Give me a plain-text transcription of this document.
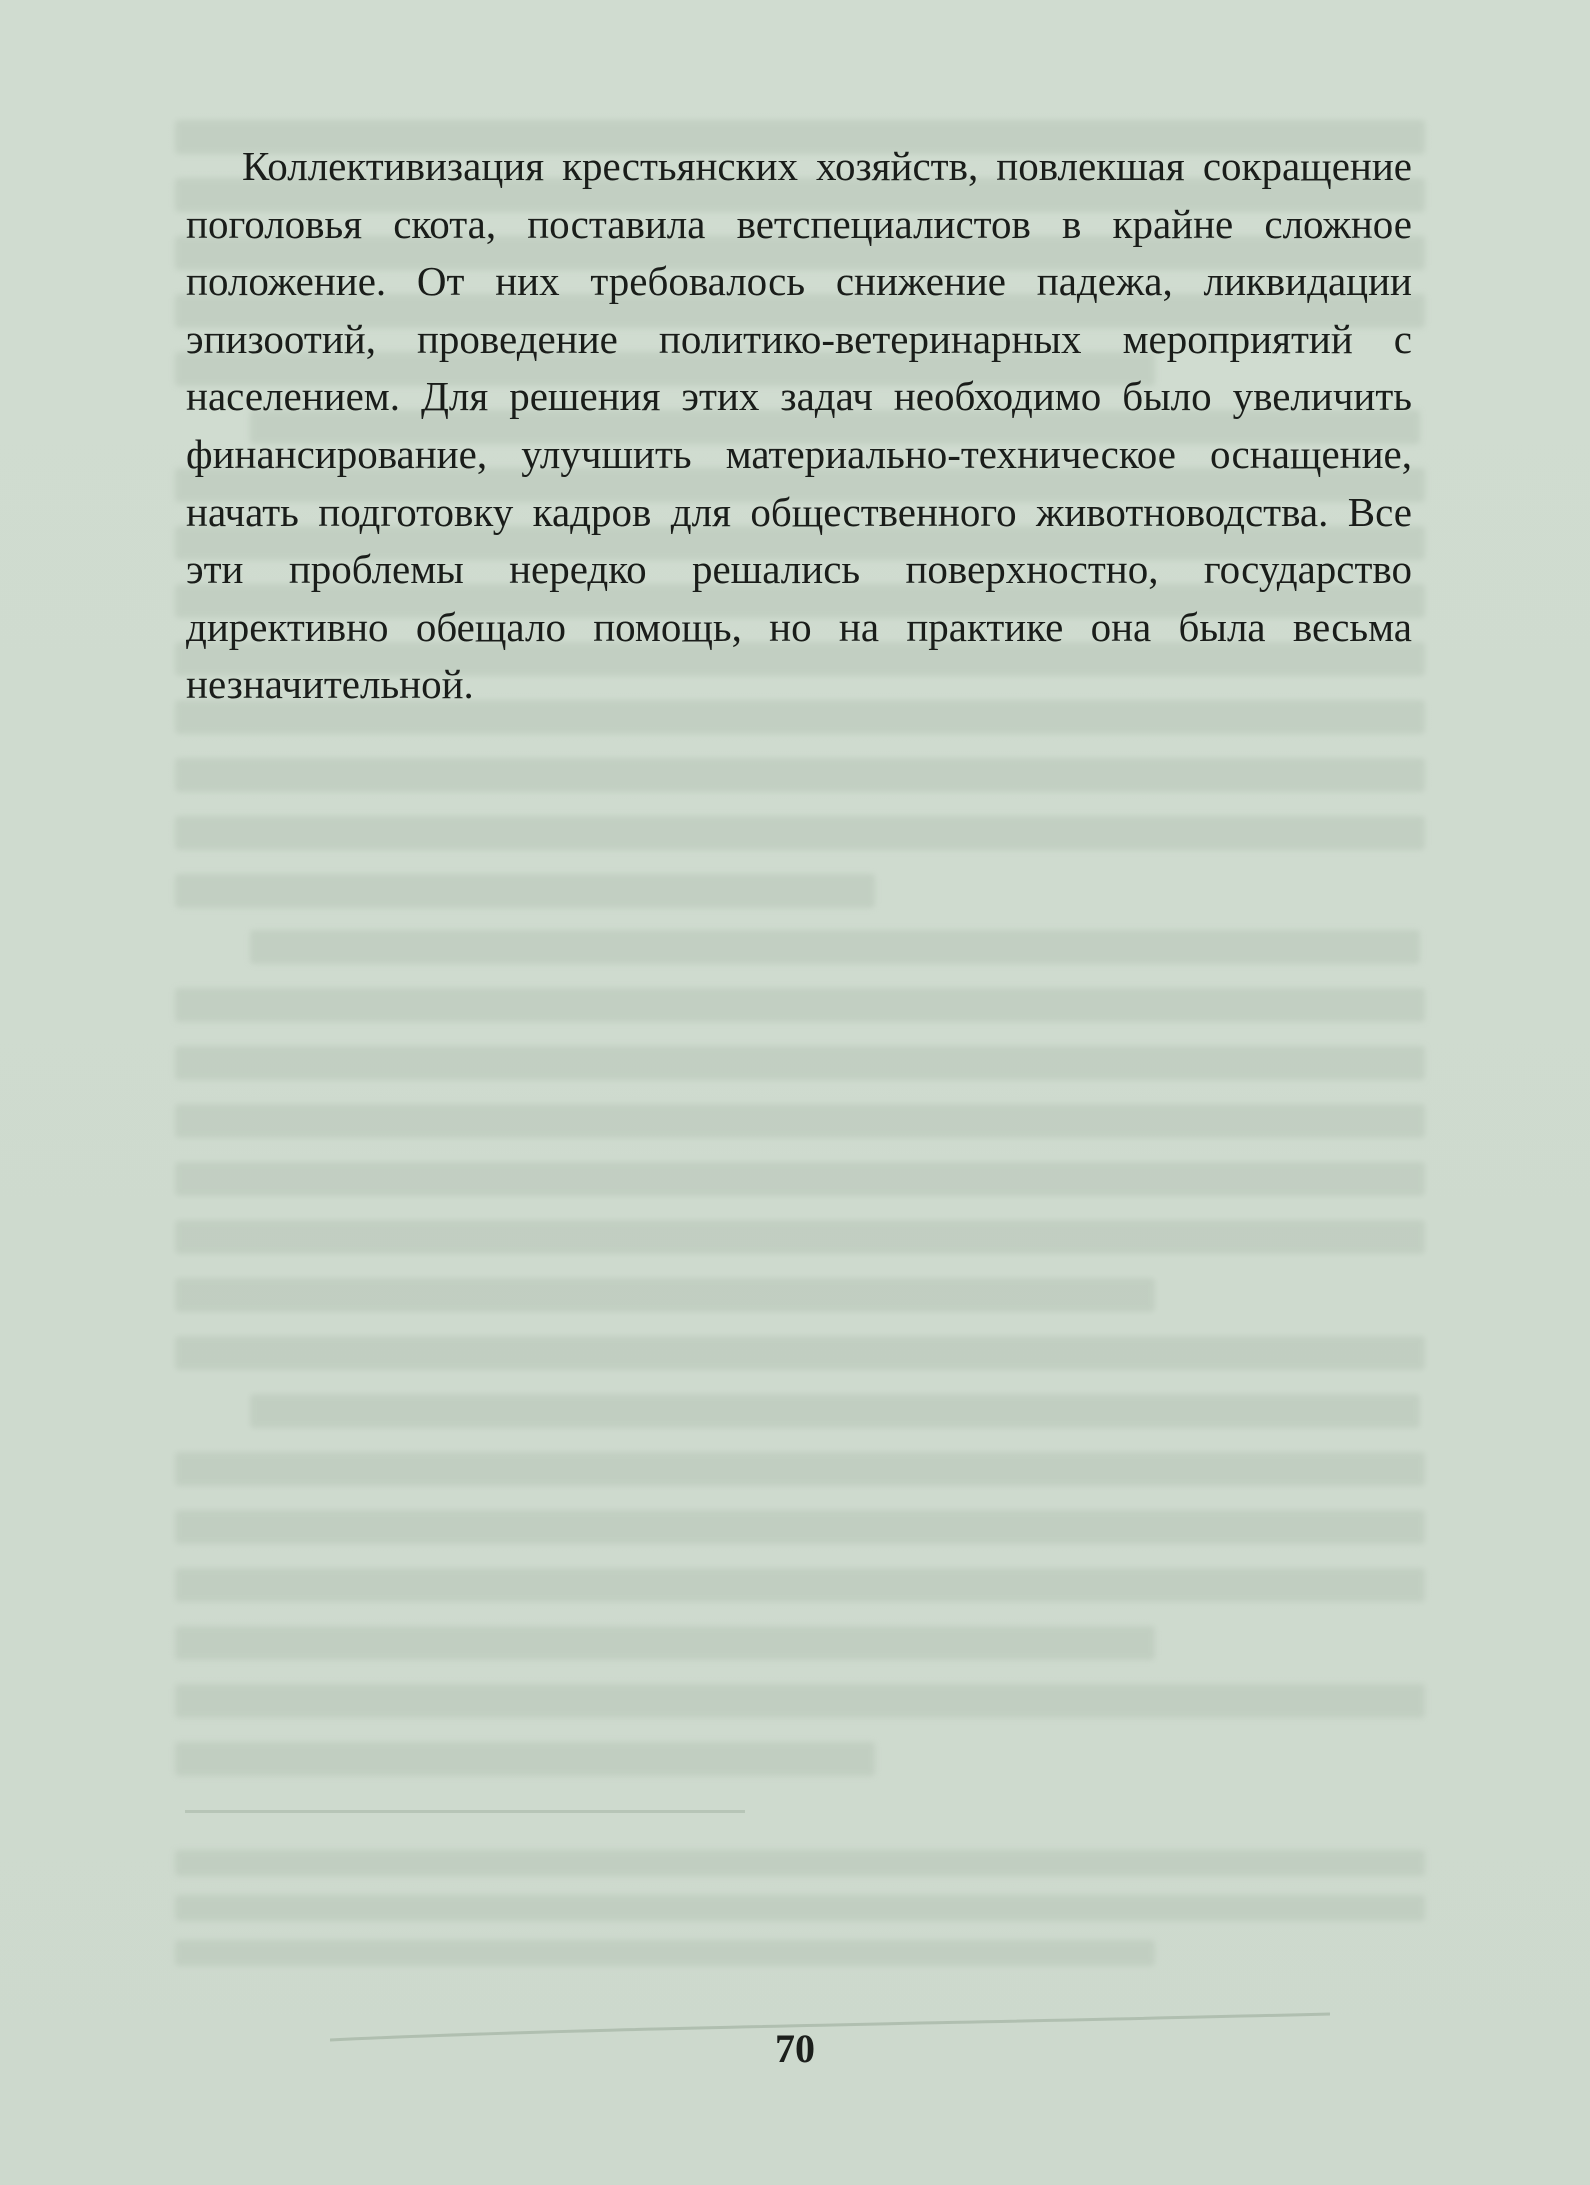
Коллективизация крестьянских хозяйств, повлекшая сокращение поголовья скота, поставила ветспециалистов в крайне сложное положение. От них требовалось снижение падежа, ликвидации эпизоотий, проведение политико-ветеринарных мероприятий с населением. Для решения этих задач необходимо было увеличить финансирование, улучшить материально-техническое оснащение, начать подготовку кадров для общественного животноводства. Все эти проблемы нередко решались поверхностно, государство директивно обещало помощь, но на практике она была весьма незначительной.

70
